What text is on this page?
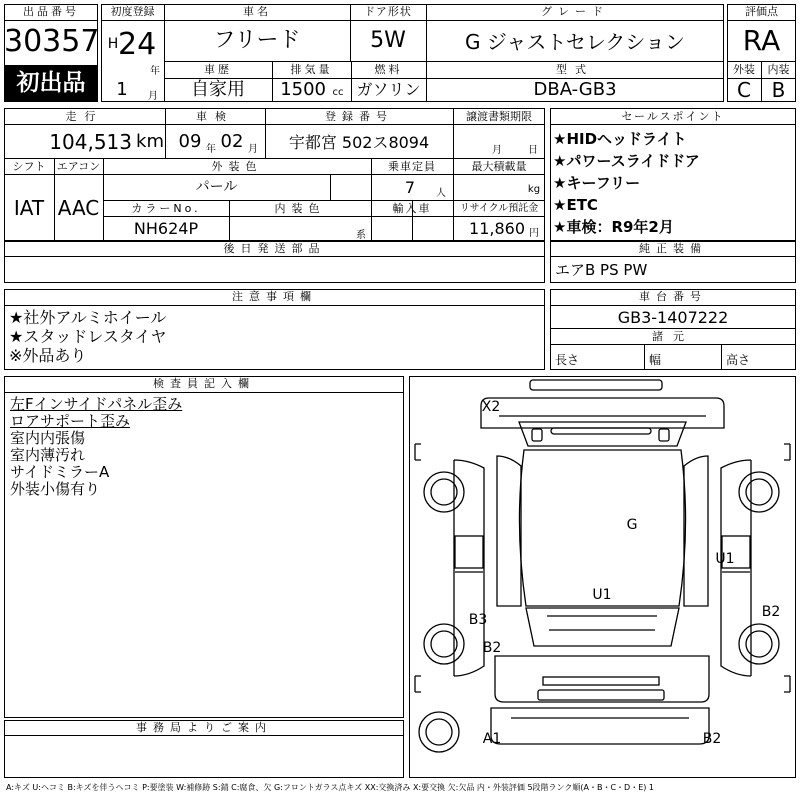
出品番号
30357
初出品
初度登録
H 24
年
1	月
車名
フリード
ドア形状
5W
グレード
G ジャストセレクション
車歴
自家用
排気量
1500 cc
燃料
ガソリン
型式
DBA-GB3
評価点
RA
外装	内装
C	B
走行
104,513 km
車検
09 年 02 月
登録番号
宇都宮 502ス8094
譲渡書類期限
月	日
シフト
IAT
エアコン
AAC
外装色
パール
乗車定員
7	人
最大積載量
kg
カラーNo.
NH624P
内装色
系
輸入車	リサイクル預託金
11,860 円
セールスポイント
★HIDヘッドライト
★パワースライドドア
★キーフリー
★ETC
★車検：R9年2月
後日発送部品	純正装備
エアB PS PW
注意事項欄
★社外アルミホイール
★スタッドレスタイヤ
※外品あり
車台番号
GB3-1407222
諸元
長さ	幅	高さ
検査員記入欄
左Fインサイドパネル歪み
ロアサポート歪み
室内内張傷
室内薄汚れ
サイドミラーA
外装小傷有り
事務局よりご案内
X2
G
U1
U1
B3	B2
B2
A1	B2
A:キズ U:ヘコミ B:キズを伴うヘコミ P:要塗装 W:補修跡 S:錆 C:腐食、欠 G:フロントガラス点キズ XX:交換済み X:要交換 欠:欠品 内・外装評価 5段階ランク順(A・B・C・D・E) 1
